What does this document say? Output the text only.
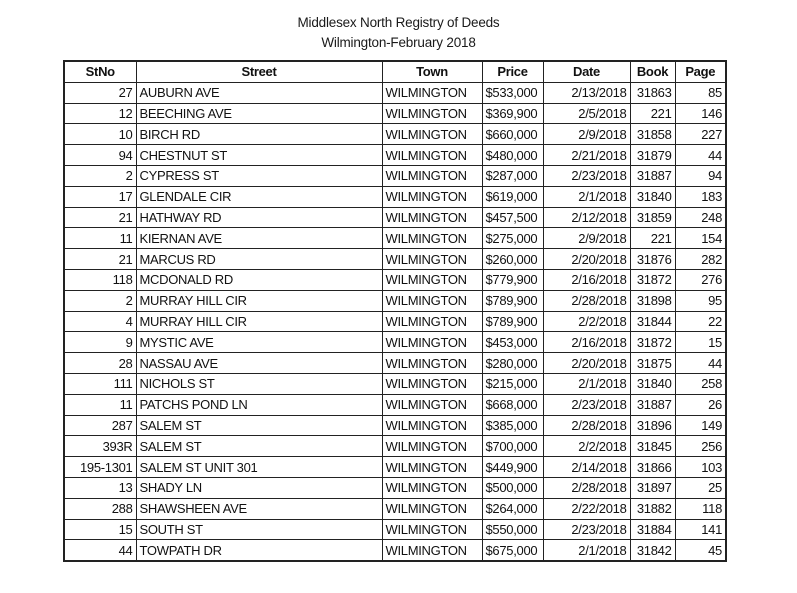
Middlesex North Registry of Deeds
Wilmington-February 2018
StNo	Street	Town	Price	Date	Book	Page
27	AUBURN AVE	WILMINGTON	$533,000	2/13/2018	31863	85
12	BEECHING AVE	WILMINGTON	$369,900	2/5/2018	221	146
10	BIRCH RD	WILMINGTON	$660,000	2/9/2018	31858	227
94	CHESTNUT ST	WILMINGTON	$480,000	2/21/2018	31879	44
2	CYPRESS ST	WILMINGTON	$287,000	2/23/2018	31887	94
17	GLENDALE CIR	WILMINGTON	$619,000	2/1/2018	31840	183
21	HATHWAY RD	WILMINGTON	$457,500	2/12/2018	31859	248
11	KIERNAN AVE	WILMINGTON	$275,000	2/9/2018	221	154
21	MARCUS RD	WILMINGTON	$260,000	2/20/2018	31876	282
118	MCDONALD RD	WILMINGTON	$779,900	2/16/2018	31872	276
2	MURRAY HILL CIR	WILMINGTON	$789,900	2/28/2018	31898	95
4	MURRAY HILL CIR	WILMINGTON	$789,900	2/2/2018	31844	22
9	MYSTIC AVE	WILMINGTON	$453,000	2/16/2018	31872	15
28	NASSAU AVE	WILMINGTON	$280,000	2/20/2018	31875	44
111	NICHOLS ST	WILMINGTON	$215,000	2/1/2018	31840	258
11	PATCHS POND LN	WILMINGTON	$668,000	2/23/2018	31887	26
287	SALEM ST	WILMINGTON	$385,000	2/28/2018	31896	149
393R	SALEM ST	WILMINGTON	$700,000	2/2/2018	31845	256
195-1301	SALEM ST UNIT 301	WILMINGTON	$449,900	2/14/2018	31866	103
13	SHADY LN	WILMINGTON	$500,000	2/28/2018	31897	25
288	SHAWSHEEN AVE	WILMINGTON	$264,000	2/22/2018	31882	118
15	SOUTH ST	WILMINGTON	$550,000	2/23/2018	31884	141
44	TOWPATH DR	WILMINGTON	$675,000	2/1/2018	31842	45
